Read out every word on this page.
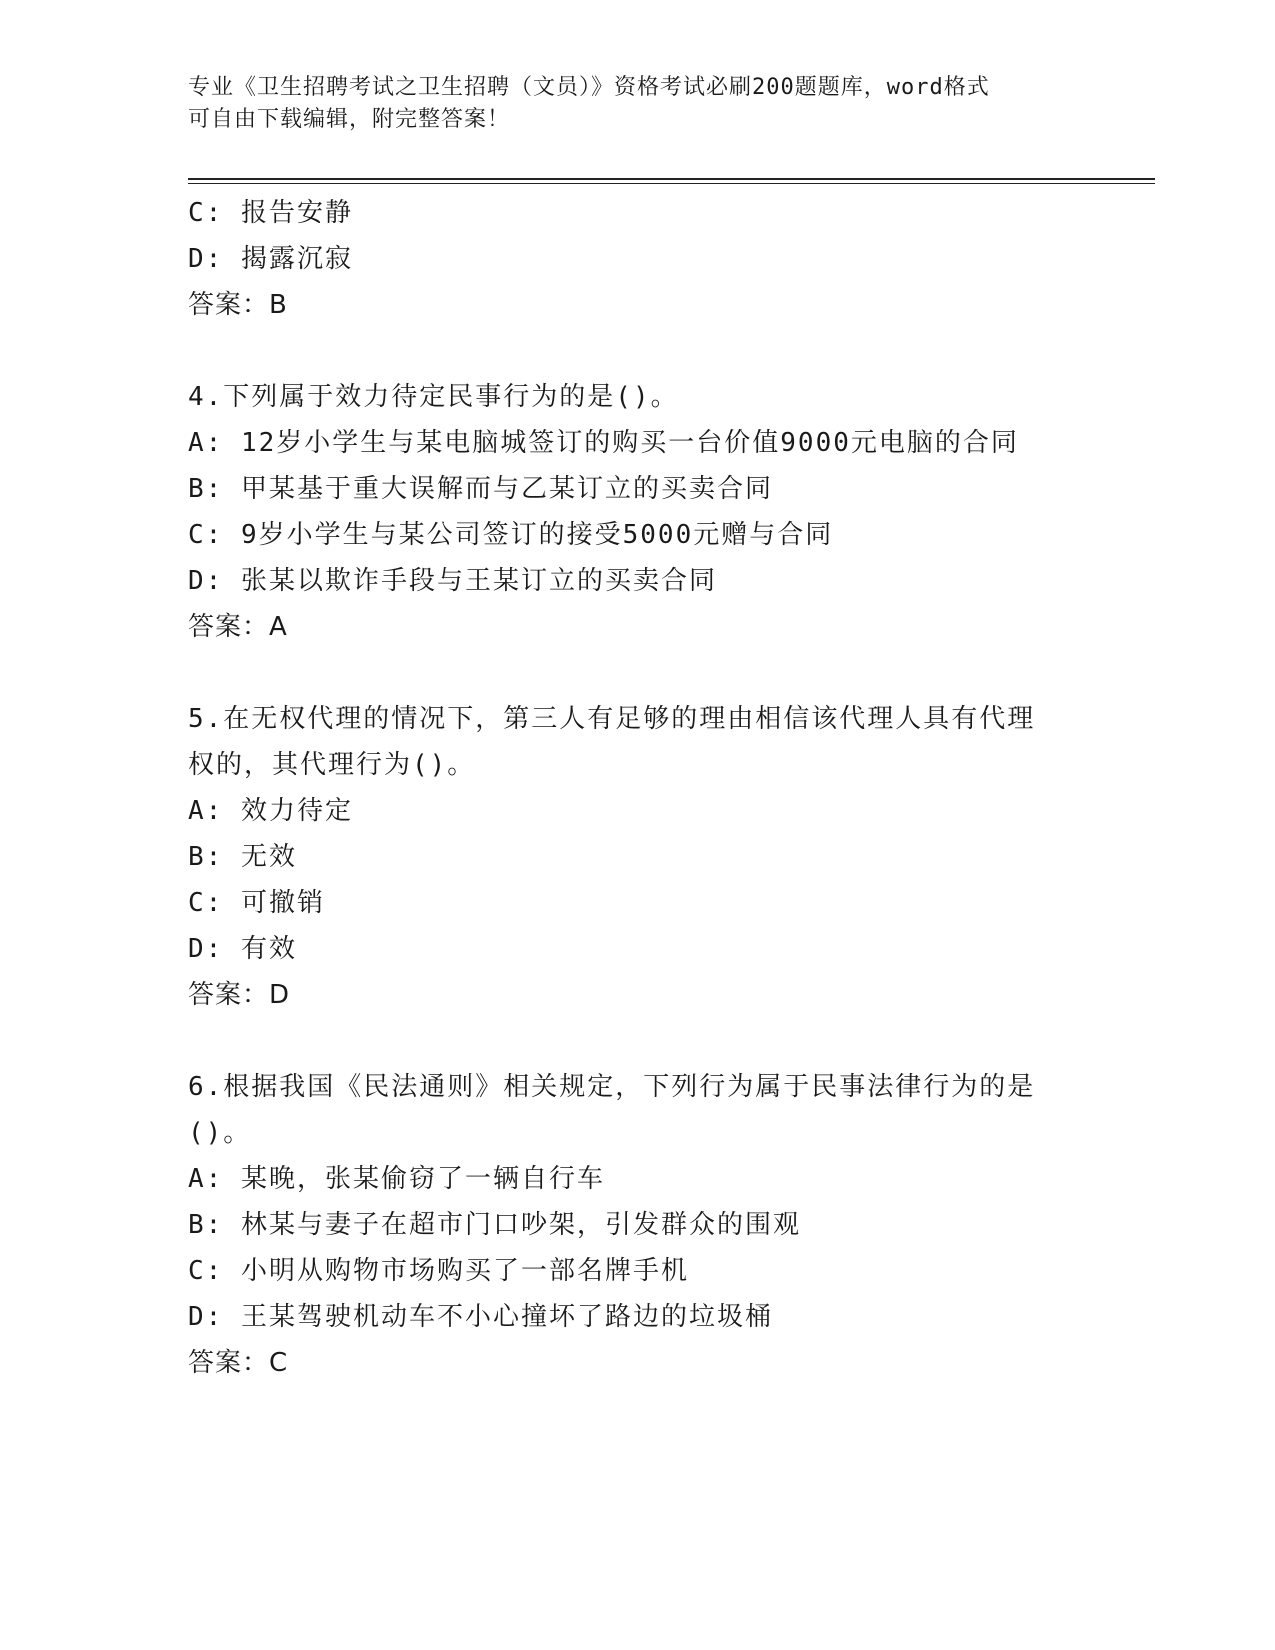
专业《卫生招聘考试之卫生招聘（文员）》资格考试必刷200题题库，word格式
可自由下载编辑，附完整答案！
C: 报告安静
D: 揭露沉寂
答案：B
4.下列属于效力待定民事行为的是()。
A: 12岁小学生与某电脑城签订的购买一台价值9000元电脑的合同
B: 甲某基于重大误解而与乙某订立的买卖合同
C: 9岁小学生与某公司签订的接受5000元赠与合同
D: 张某以欺诈手段与王某订立的买卖合同
答案：A
5.在无权代理的情况下，第三人有足够的理由相信该代理人具有代理
权的，其代理行为()。
A: 效力待定
B: 无效
C: 可撤销
D: 有效
答案：D
6.根据我国《民法通则》相关规定，下列行为属于民事法律行为的是
()。
A: 某晚，张某偷窃了一辆自行车
B: 林某与妻子在超市门口吵架，引发群众的围观
C: 小明从购物市场购买了一部名牌手机
D: 王某驾驶机动车不小心撞坏了路边的垃圾桶
答案：C
